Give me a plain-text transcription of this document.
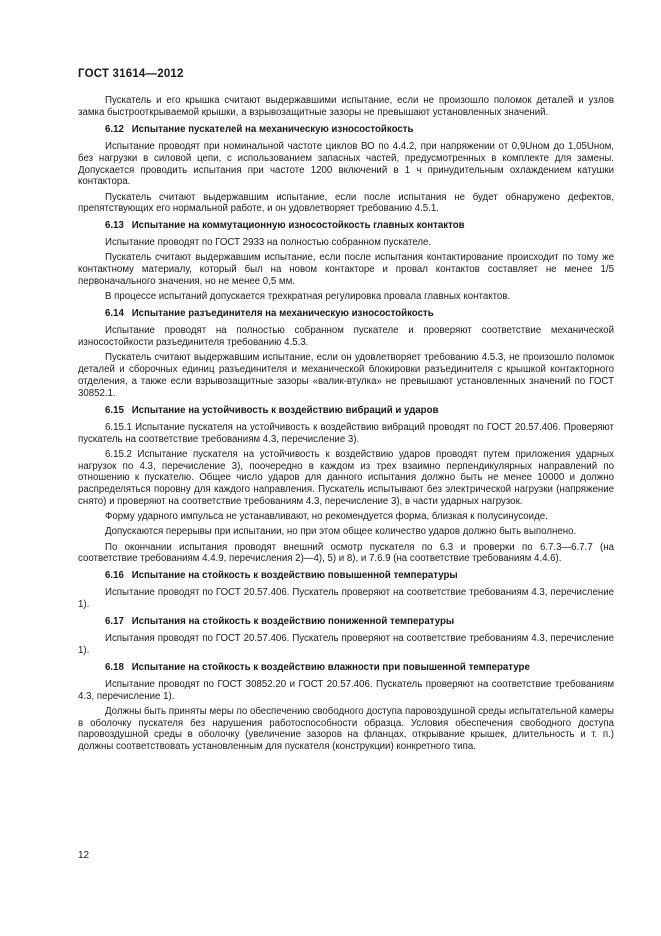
ГОСТ 31614—2012
Пускатель и его крышка считают выдержавшими испытание, если не произошло поломок деталей и узлов замка быстрооткрываемой крышки, а взрывозащитные зазоры не превышают установленных значений.
6.12 Испытание пускателей на механическую износостойкость
Испытание проводят при номинальной частоте циклов ВО по 4.4.2, при напряжении от 0,9Uном до 1,05Uном, без нагрузки в силовой цепи, с использованием запасных частей, предусмотренных в комплекте для замены. Допускается проводить испытания при частоте 1200 включений в 1 ч принудительным охлаждением катушки контактора.
Пускатель считают выдержавшим испытание, если после испытания не будет обнаружено дефектов, препятствующих его нормальной работе, и он удовлетворяет требованию 4.5.1.
6.13 Испытание на коммутационную износостойкость главных контактов
Испытание проводят по ГОСТ 2933 на полностью собранном пускателе.
Пускатель считают выдержавшим испытание, если после испытания контактирование происходит по тому же контактному материалу, который был на новом контакторе и провал контактов составляет не менее 1/5 первоначального значения, но не менее 0,5 мм.
В процессе испытаний допускается трехкратная регулировка провала главных контактов.
6.14 Испытание разъединителя на механическую износостойкость
Испытание проводят на полностью собранном пускателе и проверяют соответствие механической износостойкости разъединителя требованию 4.5.3.
Пускатель считают выдержавшим испытание, если он удовлетворяет требованию 4.5.3, не произошло поломок деталей и сборочных единиц разъединителя и механической блокировки разъединителя с крышкой контакторного отделения, а также если взрывозащитные зазоры «валик-втулка» не превышают установленных значений по ГОСТ 30852.1.
6.15 Испытание на устойчивость к воздействию вибраций и ударов
6.15.1 Испытание пускателя на устойчивость к воздействию вибраций проводят по ГОСТ 20.57.406. Проверяют пускатель на соответствие требованиям 4.3, перечисление 3).
6.15.2 Испытание пускателя на устойчивость к воздействию ударов проводят путем приложения ударных нагрузок по 4.3, перечисление 3), поочередно в каждом из трех взаимно перпендикулярных направлений по отношению к пускателю. Общее число ударов для данного испытания должно быть не менее 10000 и должно распределяться поровну для каждого направления. Пускатель испытывают без электрической нагрузки (напряжение снято) и проверяют на соответствие требованиям 4.3, перечисление 3), в части ударных нагрузок.
Форму ударного импульса не устанавливают, но рекомендуется форма, близкая к полусинусоиде.
Допускаются перерывы при испытании, но при этом общее количество ударов должно быть выполнено.
По окончании испытания проводят внешний осмотр пускателя по 6.3 и проверки по 6.7.3—6.7.7 (на соответствие требованиям 4.4.9, перечисления 2)—4), 5) и 8), и 7.6.9 (на соответствие требованиям 4.4.6).
6.16 Испытание на стойкость к воздействию повышенной температуры
Испытание проводят по ГОСТ 20.57.406. Пускатель проверяют на соответствие требованиям 4.3, перечисление 1).
6.17 Испытания на стойкость к воздействию пониженной температуры
Испытания проводят по ГОСТ 20.57.406. Пускатель проверяют на соответствие требованиям 4.3, перечисление 1).
6.18 Испытание на стойкость к воздействию влажности при повышенной температуре
Испытание проводят по ГОСТ 30852.20 и ГОСТ 20.57.406. Пускатель проверяют на соответствие требованиям 4.3, перечисление 1).
Должны быть приняты меры по обеспечению свободного доступа паровоздушной среды испытательной камеры в оболочку пускателя без нарушения работоспособности образца. Условия обеспечения свободного доступа паровоздушной среды в оболочку (увеличение зазоров на фланцах, открывание крышек, длительность и т. п.) должны соответствовать установленным для пускателя (конструкции) конкретного типа.
12
